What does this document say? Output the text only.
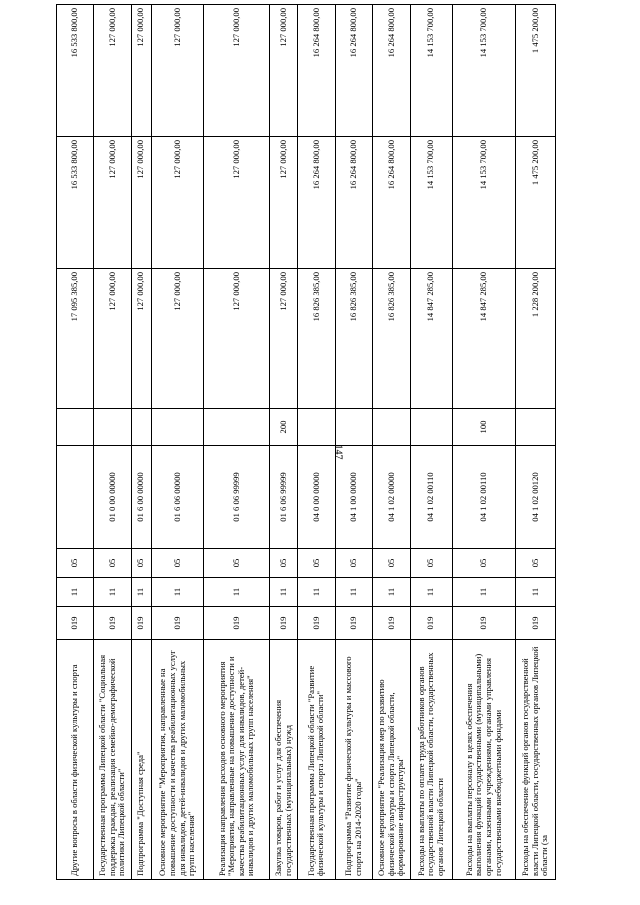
147
Другие вопросы в области физической культуры и спорта	019	11	05			17 095 385,00	16 533 800,00	16 533 800,00
Государственная программа Липецкой области "Социальная поддержка граждан, реализация семейно-демографической политики Липецкой области"	019	11	05	01 0 00 00000		127 000,00	127 000,00	127 000,00
Подпрограмма "Доступная среда"	019	11	05	01 6 00 00000		127 000,00	127 000,00	127 000,00
Основное мероприятие "Мероприятия, направленные на повышение доступности и качества реабилитационных услуг для инвалидов, детей-инвалидов и других маломобильных групп населения"	019	11	05	01 6 06 00000		127 000,00	127 000,00	127 000,00
Реализация направления расходов основного мероприятия "Мероприятия, направленные на повышение доступности и качества реабилитационных услуг для инвалидов, детей-инвалидов и других маломобильных групп населения"	019	11	05	01 6 06 99999		127 000,00	127 000,00	127 000,00
Закупка товаров, работ и услуг для обеспечения государственных (муниципальных) нужд	019	11	05	01 6 06 99999	200	127 000,00	127 000,00	127 000,00
Государственная программа Липецкой области "Развитие физической культуры и спорта Липецкой области"	019	11	05	04 0 00 00000		16 826 385,00	16 264 800,00	16 264 800,00
Подпрограмма "Развитие физической культуры и массового спорта на 2014-2020 годы"	019	11	05	04 1 00 00000		16 826 385,00	16 264 800,00	16 264 800,00
Основное мероприятие "Реализация мер по развитию физической культуры и спорта Липецкой области, формирование инфраструктуры"	019	11	05	04 1 02 00000		16 826 385,00	16 264 800,00	16 264 800,00
Расходы на выплаты по оплате труда работников органов государственной власти Липецкой области, государственных органов Липецкой области	019	11	05	04 1 02 00110		14 847 285,00	14 153 700,00	14 153 700,00
Расходы на выплаты персоналу в целях обеспечения выполнения функций государственными (муниципальными) органами, казенными учреждениями, органами управления государственными внебюджетными фондами	019	11	05	04 1 02 00110	100	14 847 285,00	14 153 700,00	14 153 700,00
Расходы на обеспечение функций органов государственной власти Липецкой области, государственных органов Липецкой области (за	019	11	05	04 1 02 00120		1 228 200,00	1 475 200,00	1 475 200,00
